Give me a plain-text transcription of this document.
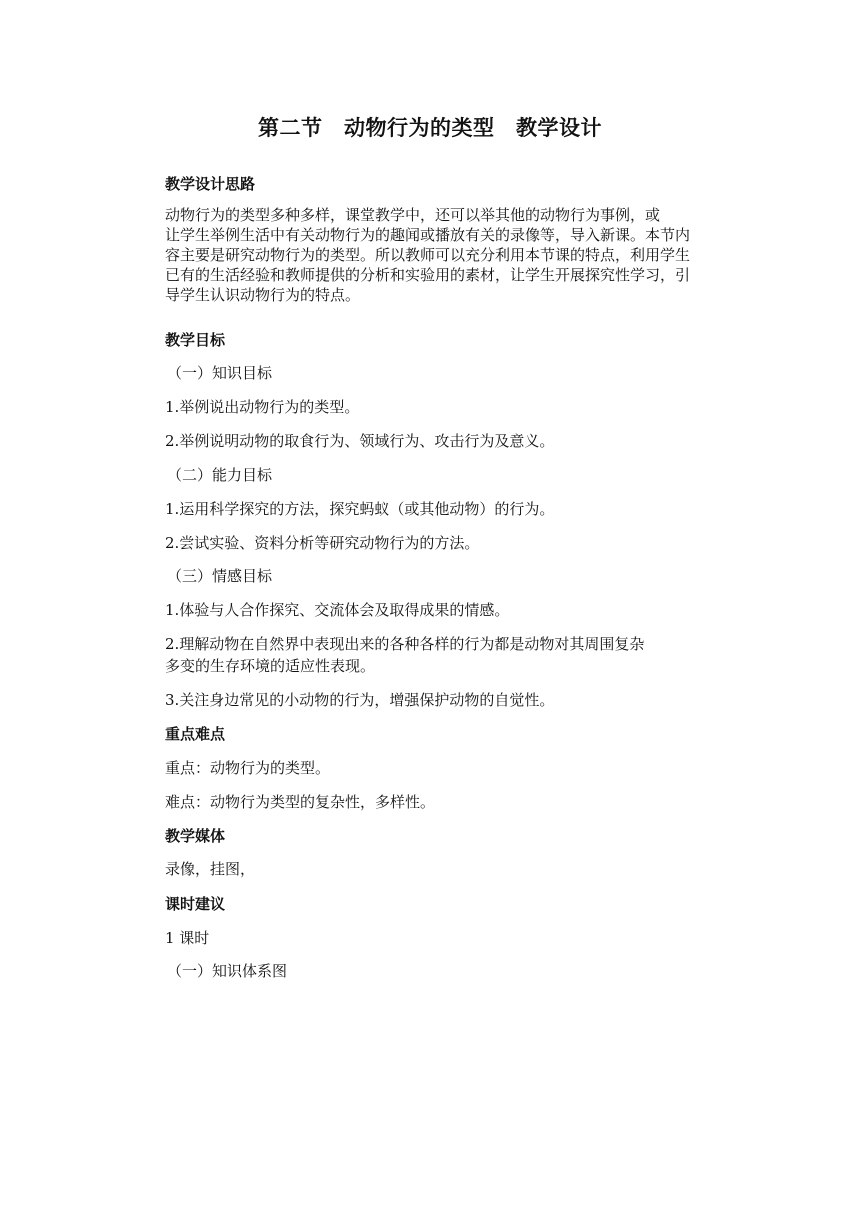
第二节　动物行为的类型　教学设计
教学设计思路
动物行为的类型多种多样，课堂教学中，还可以举其他的动物行为事例，或
让学生举例生活中有关动物行为的趣闻或播放有关的录像等，导入新课。本节内
容主要是研究动物行为的类型。所以教师可以充分利用本节课的特点，利用学生
已有的生活经验和教师提供的分析和实验用的素材，让学生开展探究性学习，引
导学生认识动物行为的特点。
教学目标
（一）知识目标
1.举例说出动物行为的类型。
2.举例说明动物的取食行为、领域行为、攻击行为及意义。
（二）能力目标
1.运用科学探究的方法，探究蚂蚁（或其他动物）的行为。
2.尝试实验、资料分析等研究动物行为的方法。
（三）情感目标
1.体验与人合作探究、交流体会及取得成果的情感。
2.理解动物在自然界中表现出来的各种各样的行为都是动物对其周围复杂
多变的生存环境的适应性表现。
3.关注身边常见的小动物的行为，增强保护动物的自觉性。
重点难点
重点：动物行为的类型。
难点：动物行为类型的复杂性，多样性。
教学媒体
录像，挂图，
课时建议
1 课时
（一）知识体系图
